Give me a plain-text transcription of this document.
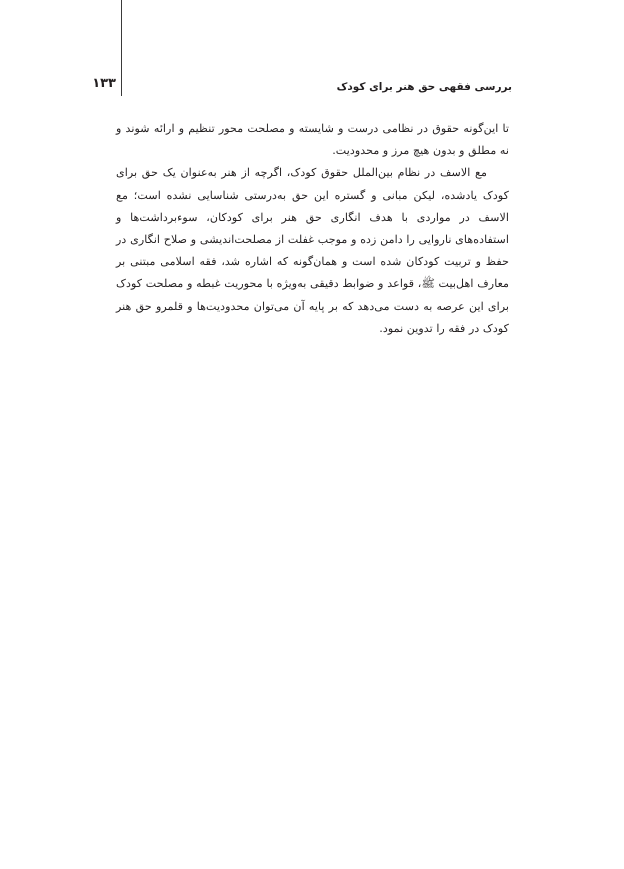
۱۳۳	بررسی فقهی حق هنر برای کودک

تا این‌گونه حقوق در نظامی درست و شایسته و مصلحت محور تنظیم و ارائه شوند و نه مطلق و بدون هیچ مرز و محدودیت.

مع الاسف در نظام بین‌الملل حقوق کودک، اگرچه از هنر به‌عنوان یک حق برای کودک یادشده، لیکن مبانی و گستره این حق به‌درستی شناسایی نشده است؛ مع الاسف در مواردی با هدف انگاری حق هنر برای کودکان، سوء‌برداشت‌ها و استفاده‌های ناروایی را دامن زده و موجب غفلت از مصلحت‌اندیشی و صلاح انگاری در حفظ و تربیت کودکان شده است و همان‌گونه که اشاره شد، فقه اسلامی مبتنی بر معارف اهل‌بیت ﷺ، قواعد و ضوابط دقیقی به‌ویژه با محوریت غبطه و مصلحت کودک برای این عرصه به دست می‌دهد که بر پایه آن می‌توان محدودیت‌ها و قلمرو حق هنر کودک در فقه را تدوین نمود.
